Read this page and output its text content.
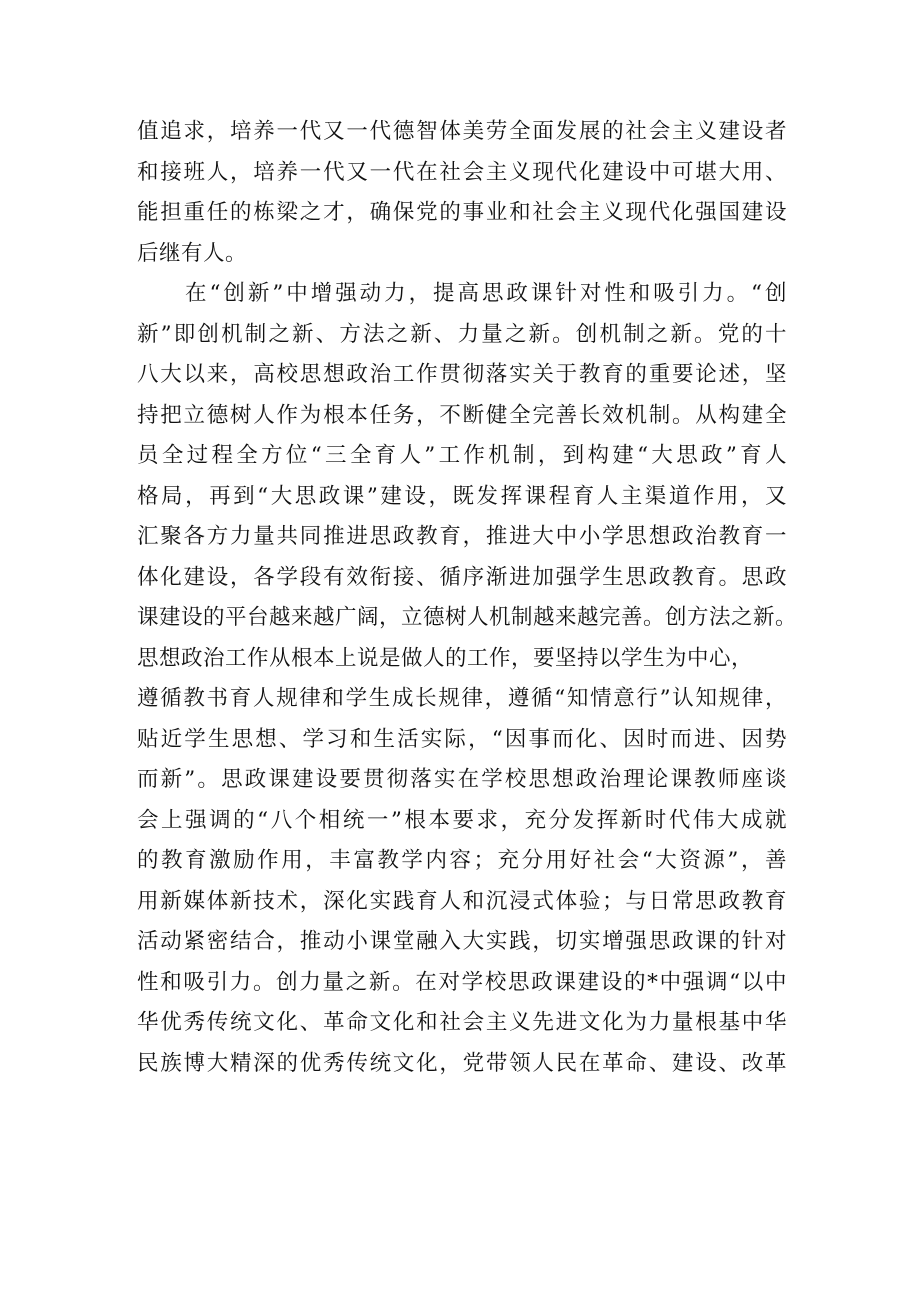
值追求，培养一代又一代德智体美劳全面发展的社会主义建设者
和接班人，培养一代又一代在社会主义现代化建设中可堪大用、
能担重任的栋梁之才，确保党的事业和社会主义现代化强国建设
后继有人。
在“创新”中增强动力，提高思政课针对性和吸引力。“创
新”即创机制之新、方法之新、力量之新。创机制之新。党的十
八大以来，高校思想政治工作贯彻落实关于教育的重要论述，坚
持把立德树人作为根本任务，不断健全完善长效机制。从构建全
员全过程全方位“三全育人”工作机制，到构建“大思政”育人
格局，再到“大思政课”建设，既发挥课程育人主渠道作用，又
汇聚各方力量共同推进思政教育，推进大中小学思想政治教育一
体化建设，各学段有效衔接、循序渐进加强学生思政教育。思政
课建设的平台越来越广阔，立德树人机制越来越完善。创方法之新。
思想政治工作从根本上说是做人的工作，要坚持以学生为中心，
遵循教书育人规律和学生成长规律，遵循“知情意行”认知规律，
贴近学生思想、学习和生活实际，“因事而化、因时而进、因势
而新”。思政课建设要贯彻落实在学校思想政治理论课教师座谈
会上强调的“八个相统一”根本要求，充分发挥新时代伟大成就
的教育激励作用，丰富教学内容；充分用好社会“大资源”，善
用新媒体新技术，深化实践育人和沉浸式体验；与日常思政教育
活动紧密结合，推动小课堂融入大实践，切实增强思政课的针对
性和吸引力。创力量之新。在对学校思政课建设的*中强调“以中
华优秀传统文化、革命文化和社会主义先进文化为力量根基中华
民族博大精深的优秀传统文化，党带领人民在革命、建设、改革
